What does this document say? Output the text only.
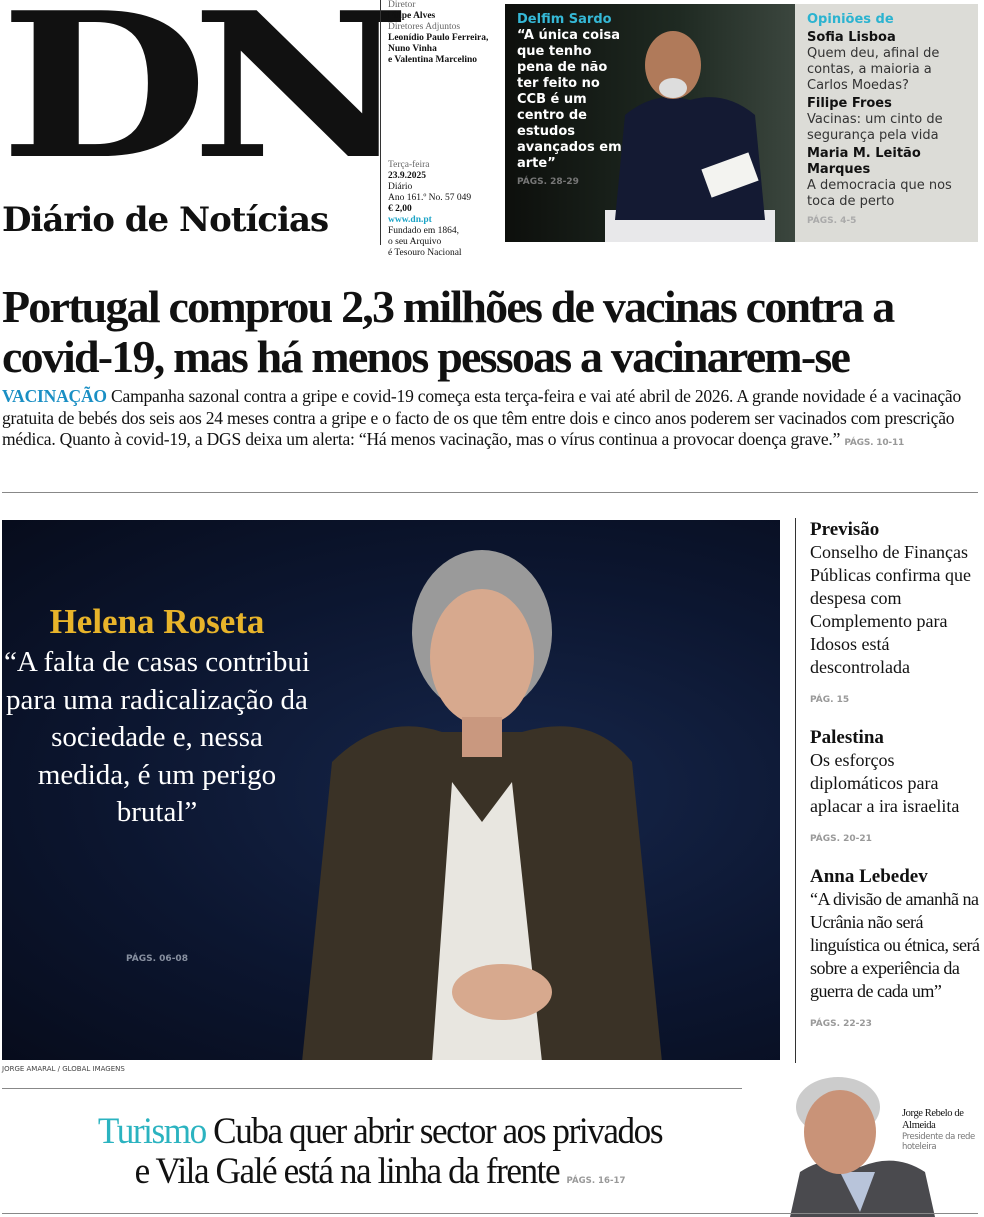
DN
Diário de Notícias
Diretor
Filipe Alves
Diretores Adjuntos
Leonídio Paulo Ferreira,
Nuno Vinha
e Valentina Marcelino
Terça-feira
23.9.2025
Diário
Ano 161.º No. 57 049
€ 2,00
www.dn.pt
Fundado em 1864,
o seu Arquivo
é Tesouro Nacional
Delfim Sardo
“A única coisa que tenho pena de não ter feito no CCB é um centro de estudos avançados em arte”
PÁGS. 28-29
Opiniões de
Sofia Lisboa
Quem deu, afinal de contas, a maioria a Carlos Moedas?
Filipe Froes
Vacinas: um cinto de segurança pela vida
Maria M. Leitão Marques
A democracia que nos toca de perto
PÁGS. 4-5
Portugal comprou 2,3 milhões de vacinas contra a covid-19, mas há menos pessoas a vacinarem-se
VACINAÇÃO Campanha sazonal contra a gripe e covid-19 começa esta terça-feira e vai até abril de 2026. A grande novidade é a vacinação gratuita de bebés dos seis aos 24 meses contra a gripe e o facto de os que têm entre dois e cinco anos poderem ser vacinados com prescrição médica. Quanto à covid-19, a DGS deixa um alerta: “Há menos vacinação, mas o vírus continua a provocar doença grave.” PÁGS. 10-11
Helena Roseta
“A falta de casas contribui para uma radicalização da sociedade e, nessa medida, é um perigo brutal”
PÁGS. 06-08
JORGE AMARAL / GLOBAL IMAGENS
Previsão
Conselho de Finanças Públicas confirma que despesa com Complemento para Idosos está descontrolada
PÁG. 15
Palestina
Os esforços diplomáticos para aplacar a ira israelita
PÁGS. 20-21
Anna Lebedev
“A divisão de amanhã na Ucrânia não será linguística ou étnica, será sobre a experiência da guerra de cada um”
PÁGS. 22-23
Turismo Cuba quer abrir sector aos privados
e Vila Galé está na linha da frente PÁGS. 16-17
Jorge Rebelo de Almeida
Presidente da rede hoteleira
